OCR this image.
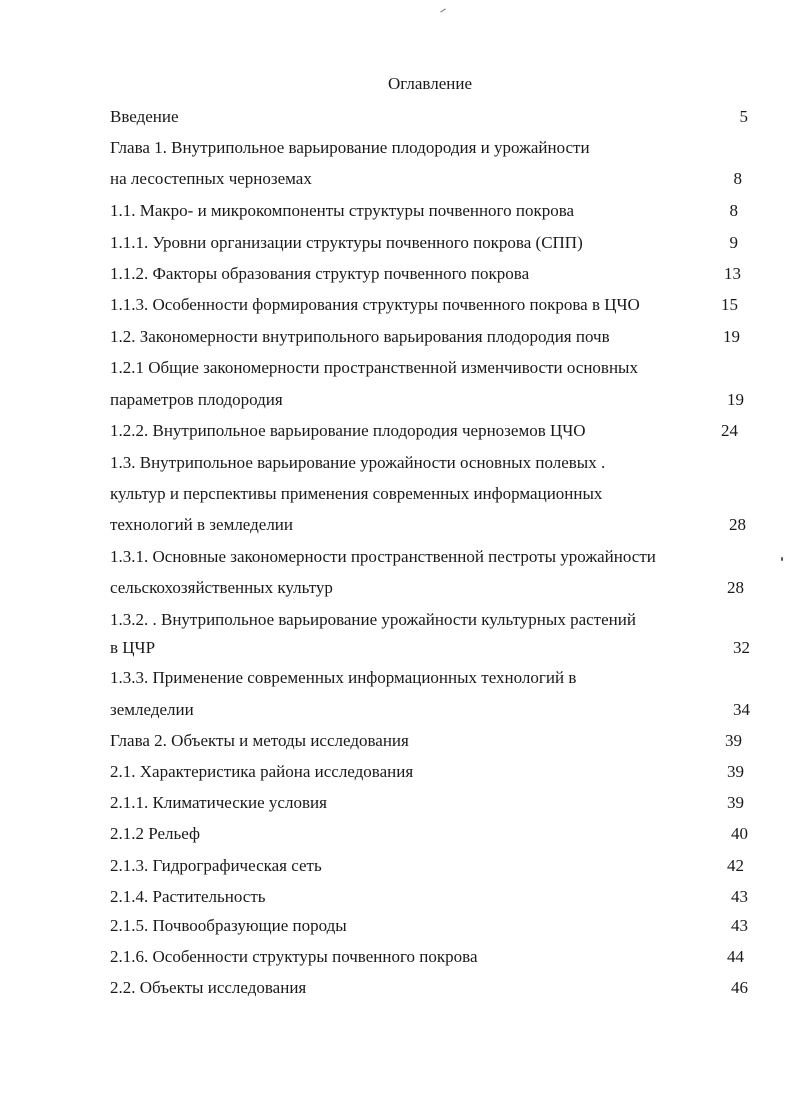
Оглавление
Введение	5
Глава 1. Внутрипольное варьирование плодородия и урожайности
на лесостепных черноземах	8
1.1. Макро- и микрокомпоненты структуры почвенного покрова	8
1.1.1. Уровни организации структуры почвенного покрова (СПП)	9
1.1.2. Факторы образования структур почвенного покрова	13
1.1.3. Особенности формирования структуры почвенного покрова в ЦЧО	15
1.2. Закономерности внутрипольного варьирования плодородия почв	19
1.2.1 Общие закономерности пространственной изменчивости основных
параметров плодородия	19
1.2.2. Внутрипольное варьирование плодородия черноземов ЦЧО	24
1.3. Внутрипольное варьирование урожайности основных полевых .
культур и перспективы применения современных информационных
технологий в земледелии	28
1.3.1. Основные закономерности пространственной пестроты урожайности
сельскохозяйственных культур	28
1.3.2. . Внутрипольное варьирование урожайности культурных растений
в ЦЧР	32
1.3.3. Применение современных информационных технологий в
земледелии	34
Глава 2. Объекты и методы исследования	39
2.1. Характеристика района исследования	39
2.1.1. Климатические условия	39
2.1.2 Рельеф	40
2.1.3. Гидрографическая сеть	42
2.1.4. Растительность	43
2.1.5. Почвообразующие породы	43
2.1.6. Особенности структуры почвенного покрова	44
2.2. Объекты исследования	46
